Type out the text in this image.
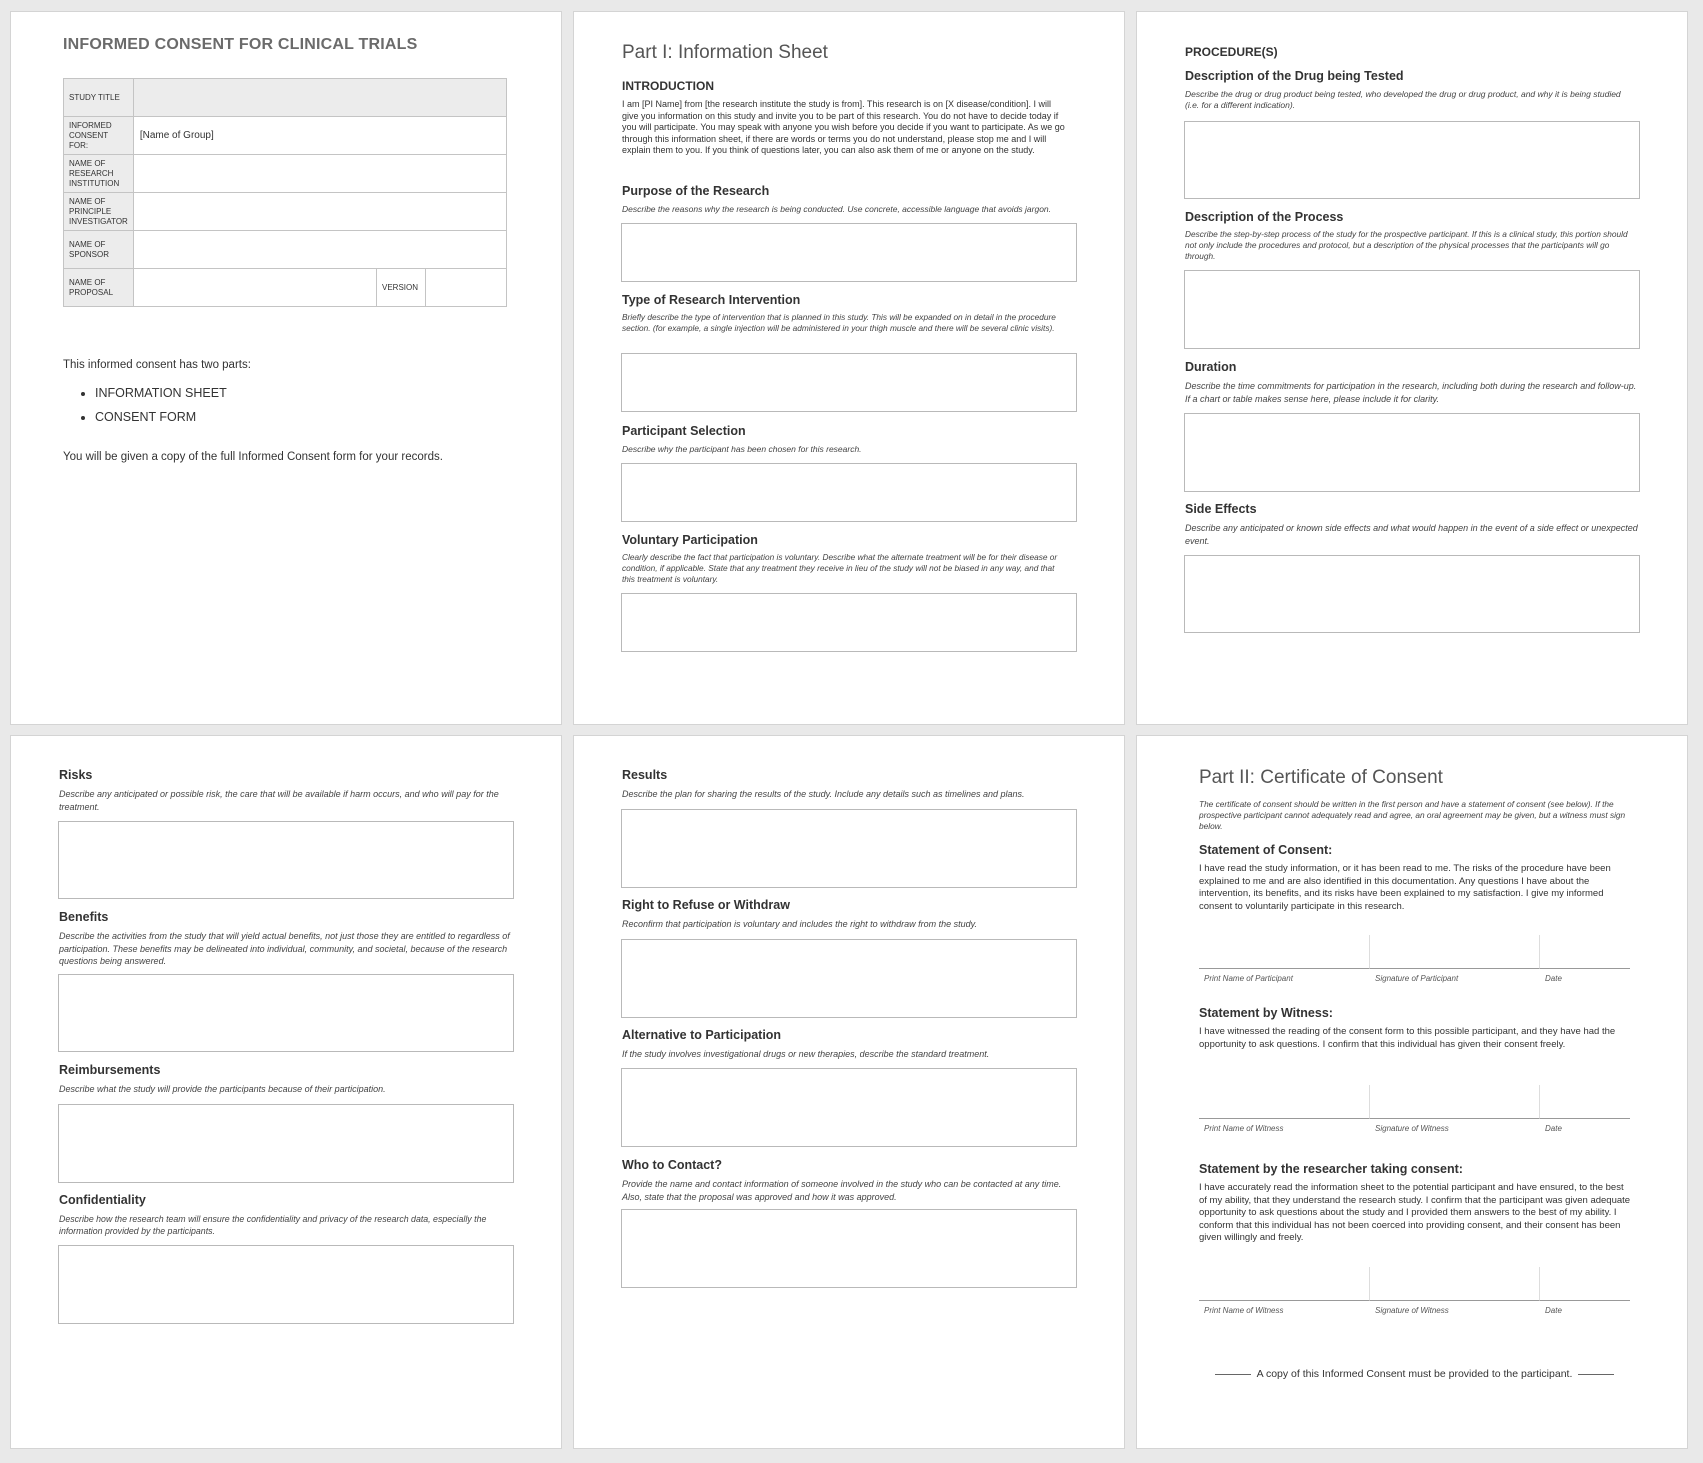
INFORMED CONSENT FOR CLINICAL TRIALS
STUDY TITLE			
INFORMED CONSENT FOR:	[Name of Group]		
NAME OF RESEARCH INSTITUTION			
NAME OF PRINCIPLE INVESTIGATOR			
NAME OF SPONSOR			
NAME OF PROPOSAL		VERSION	
This informed consent has two parts:
• INFORMATION SHEET
• CONSENT FORM
You will be given a copy of the full Informed Consent form for your records.
Part I: Information Sheet
INTRODUCTION
I am [PI Name] from [the research institute the study is from]. This research is on [X disease/condition]. I will give you information on this study and invite you to be part of this research. You do not have to decide today if you will participate. You may speak with anyone you wish before you decide if you want to participate. As we go through this information sheet, if there are words or terms you do not understand, please stop me and I will explain them to you. If you think of questions later, you can also ask them of me or anyone on the study.
Purpose of the Research
Describe the reasons why the research is being conducted. Use concrete, accessible language that avoids jargon.
Type of Research Intervention
Briefly describe the type of intervention that is planned in this study. This will be expanded on in detail in the procedure section. (for example, a single injection will be administered in your thigh muscle and there will be several clinic visits).
Participant Selection
Describe why the participant has been chosen for this research.
Voluntary Participation
Clearly describe the fact that participation is voluntary. Describe what the alternate treatment will be for their disease or condition, if applicable. State that any treatment they receive in lieu of the study will not be biased in any way, and that this treatment is voluntary.
PROCEDURE(S)
Description of the Drug being Tested
Describe the drug or drug product being tested, who developed the drug or drug product, and why it is being studied (i.e. for a different indication).
Description of the Process
Describe the step-by-step process of the study for the prospective participant. If this is a clinical study, this portion should not only include the procedures and protocol, but a description of the physical processes that the participants will go through.
Duration
Describe the time commitments for participation in the research, including both during the research and follow-up. If a chart or table makes sense here, please include it for clarity.
Side Effects
Describe any anticipated or known side effects and what would happen in the event of a side effect or unexpected event.
Risks
Describe any anticipated or possible risk, the care that will be available if harm occurs, and who will pay for the treatment.
Benefits
Describe the activities from the study that will yield actual benefits, not just those they are entitled to regardless of participation. These benefits may be delineated into individual, community, and societal, because of the research questions being answered.
Reimbursements
Describe what the study will provide the participants because of their participation.
Confidentiality
Describe how the research team will ensure the confidentiality and privacy of the research data, especially the information provided by the participants.
Results
Describe the plan for sharing the results of the study. Include any details such as timelines and plans.
Right to Refuse or Withdraw
Reconfirm that participation is voluntary and includes the right to withdraw from the study.
Alternative to Participation
If the study involves investigational drugs or new therapies, describe the standard treatment.
Who to Contact?
Provide the name and contact information of someone involved in the study who can be contacted at any time. Also, state that the proposal was approved and how it was approved.
Part II: Certificate of Consent
The certificate of consent should be written in the first person and have a statement of consent (see below). If the prospective participant cannot adequately read and agree, an oral agreement may be given, but a witness must sign below.
Statement of Consent:
I have read the study information, or it has been read to me. The risks of the procedure have been explained to me and are also identified in this documentation. Any questions I have about the intervention, its benefits, and its risks have been explained to my satisfaction. I give my informed consent to voluntarily participate in this research.
Print Name of Participant	Signature of Participant	Date
Statement by Witness:
I have witnessed the reading of the consent form to this possible participant, and they have had the opportunity to ask questions. I confirm that this individual has given their consent freely.
Print Name of Witness	Signature of Witness	Date
Statement by the researcher taking consent:
I have accurately read the information sheet to the potential participant and have ensured, to the best of my ability, that they understand the research study. I confirm that the participant was given adequate opportunity to ask questions about the study and I provided them answers to the best of my ability. I conform that this individual has not been coerced into providing consent, and their consent has been given willingly and freely.
Print Name of Witness	Signature of Witness	Date
A copy of this Informed Consent must be provided to the participant.
